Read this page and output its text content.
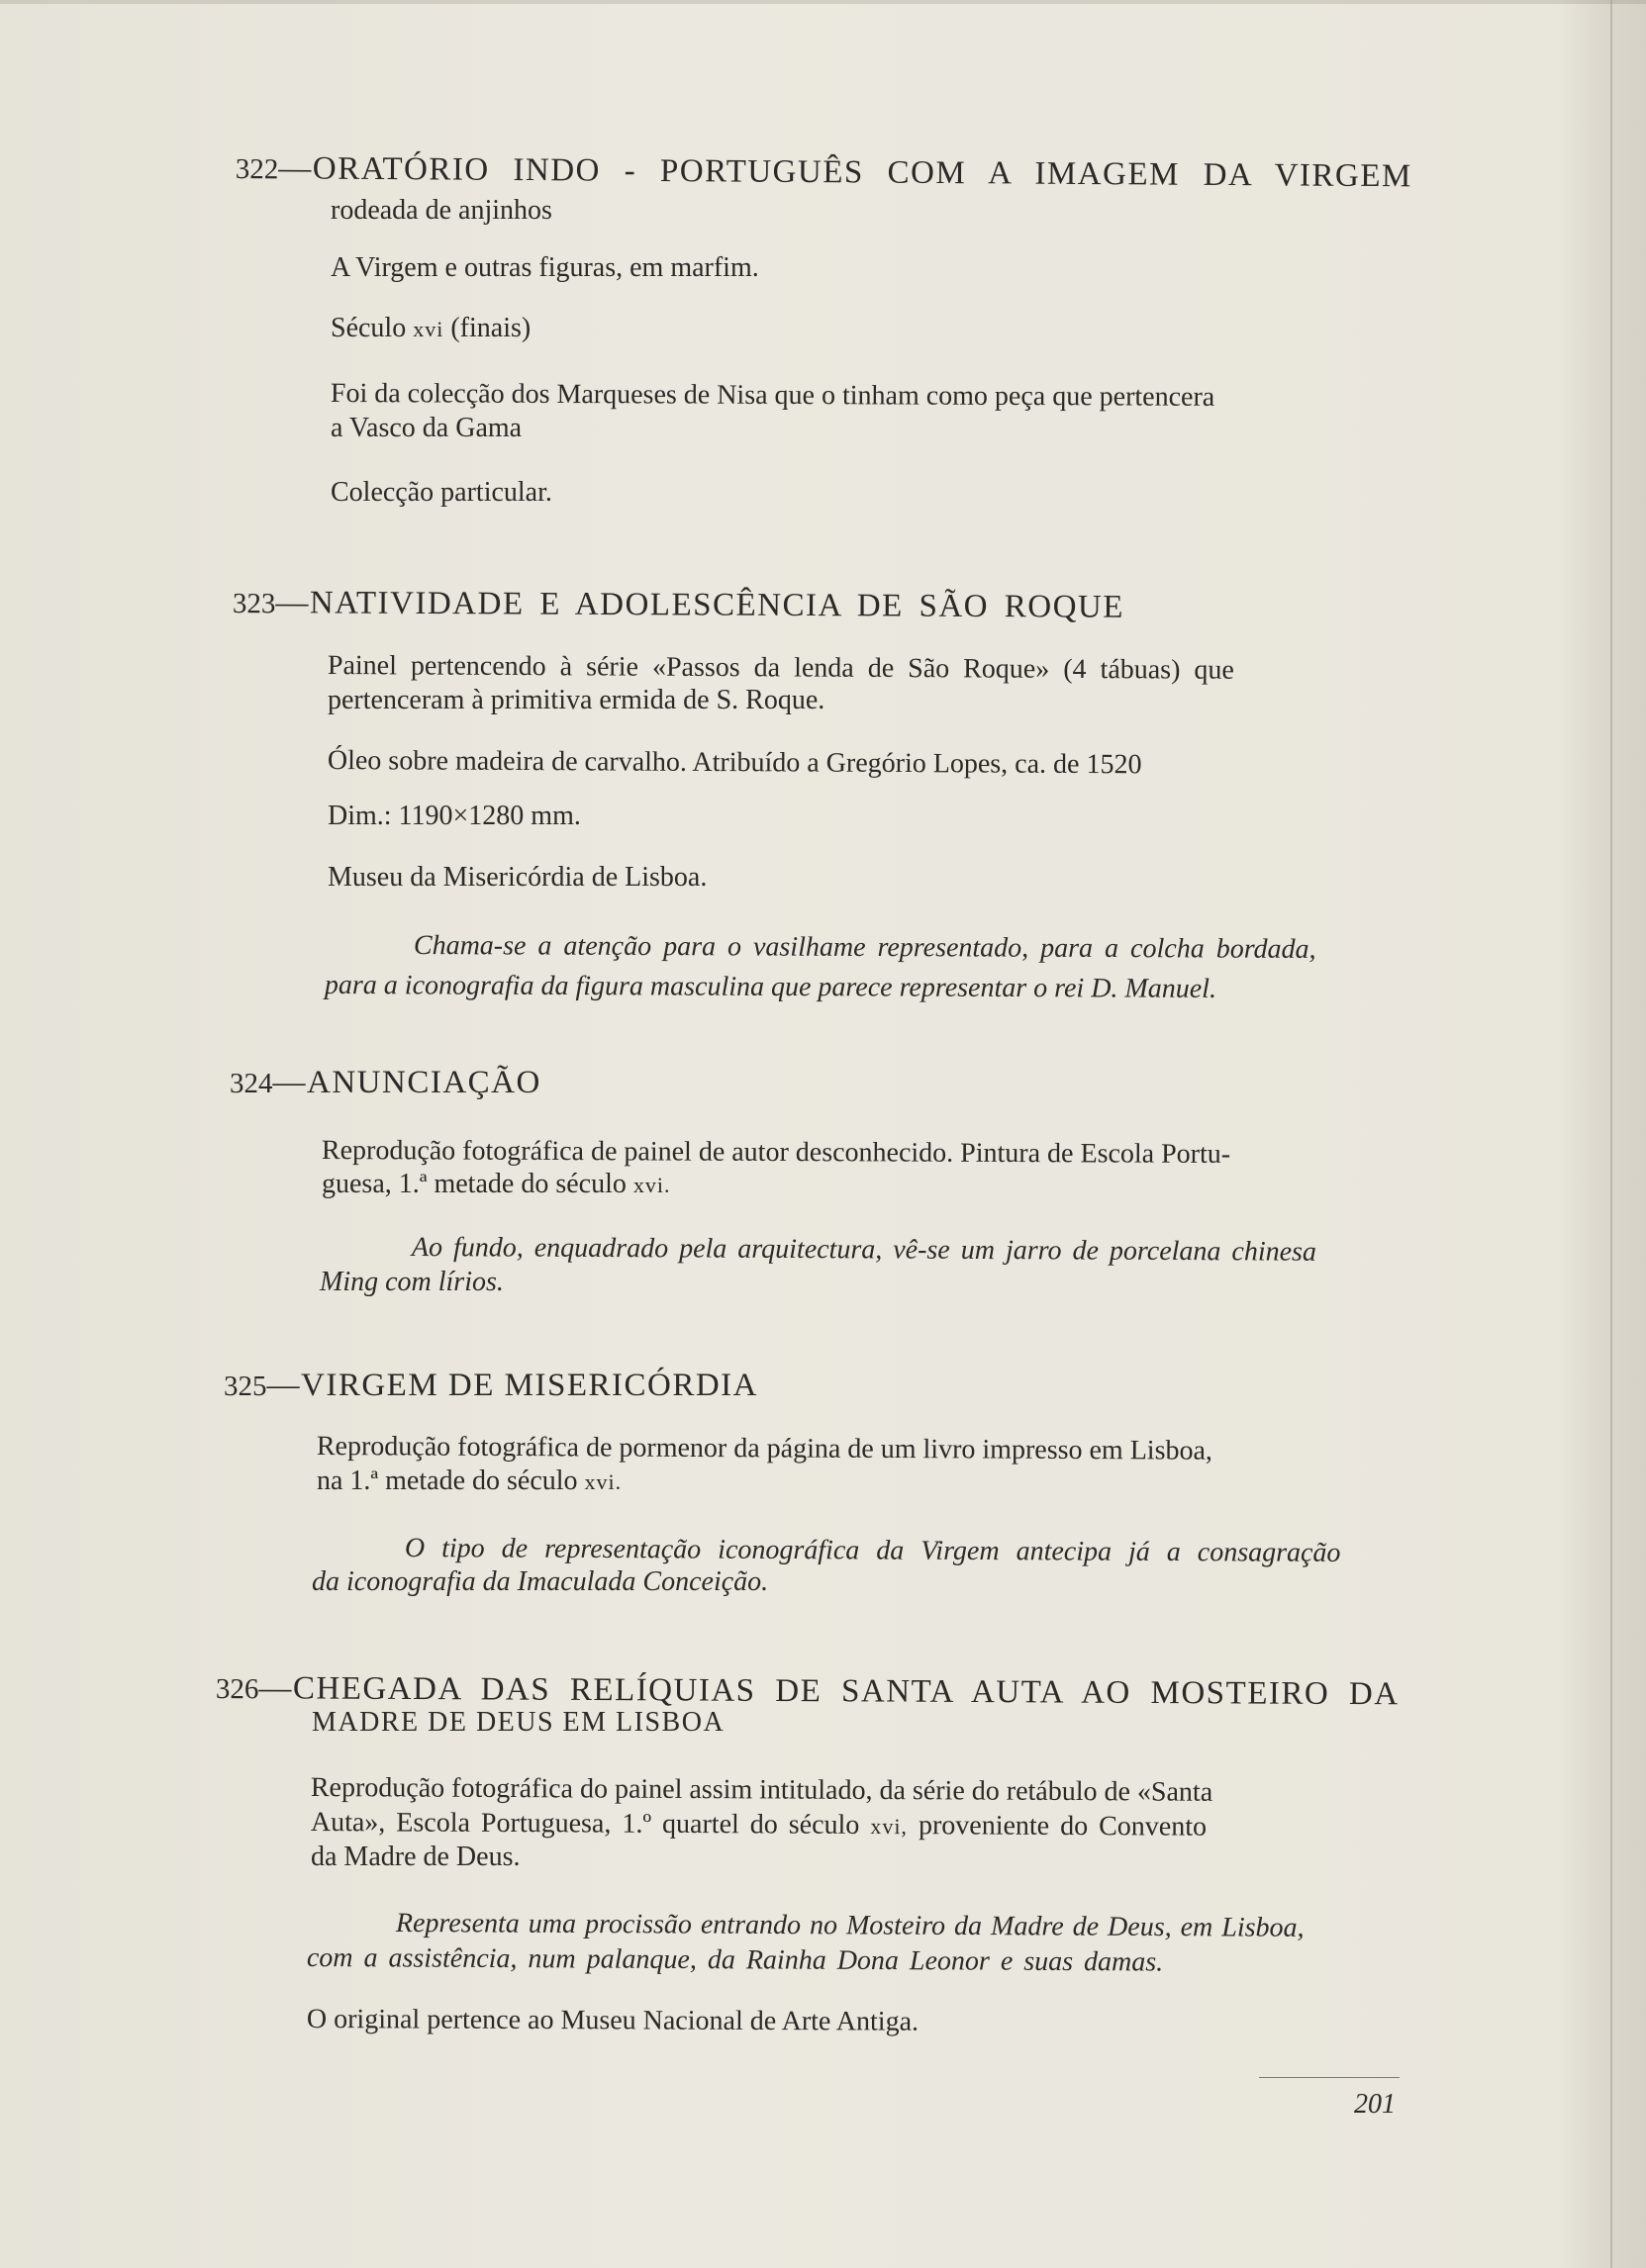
322—ORATÓRIO INDO - PORTUGUÊS COM A IMAGEM DA VIRGEM
rodeada de anjinhos
A Virgem e outras figuras, em marfim.
Século xvi (finais)
Foi da colecção dos Marqueses de Nisa que o tinham como peça que pertencera
a Vasco da Gama
Colecção particular.
323—NATIVIDADE E ADOLESCÊNCIA DE SÃO ROQUE
Painel pertencendo à série «Passos da lenda de São Roque» (4 tábuas) que
pertenceram à primitiva ermida de S. Roque.
Óleo sobre madeira de carvalho. Atribuído a Gregório Lopes, ca. de 1520
Dim.: 1190×1280 mm.
Museu da Misericórdia de Lisboa.
Chama-se a atenção para o vasilhame representado, para a colcha bordada,
para a iconografia da figura masculina que parece representar o rei D. Manuel.
324—ANUNCIAÇÃO
Reprodução fotográfica de painel de autor desconhecido. Pintura de Escola Portu-
guesa, 1.ª metade do século xvi.
Ao fundo, enquadrado pela arquitectura, vê-se um jarro de porcelana chinesa
Ming com lírios.
325—VIRGEM DE MISERICÓRDIA
Reprodução fotográfica de pormenor da página de um livro impresso em Lisboa,
na 1.ª metade do século xvi.
O tipo de representação iconográfica da Virgem antecipa já a consagração
da iconografia da Imaculada Conceição.
326—CHEGADA DAS RELÍQUIAS DE SANTA AUTA AO MOSTEIRO DA
MADRE DE DEUS EM LISBOA
Reprodução fotográfica do painel assim intitulado, da série do retábulo de «Santa
Auta», Escola Portuguesa, 1.º quartel do século xvi, proveniente do Convento
da Madre de Deus.
Representa uma procissão entrando no Mosteiro da Madre de Deus, em Lisboa,
com a assistência, num palanque, da Rainha Dona Leonor e suas damas.
O original pertence ao Museu Nacional de Arte Antiga.
201
